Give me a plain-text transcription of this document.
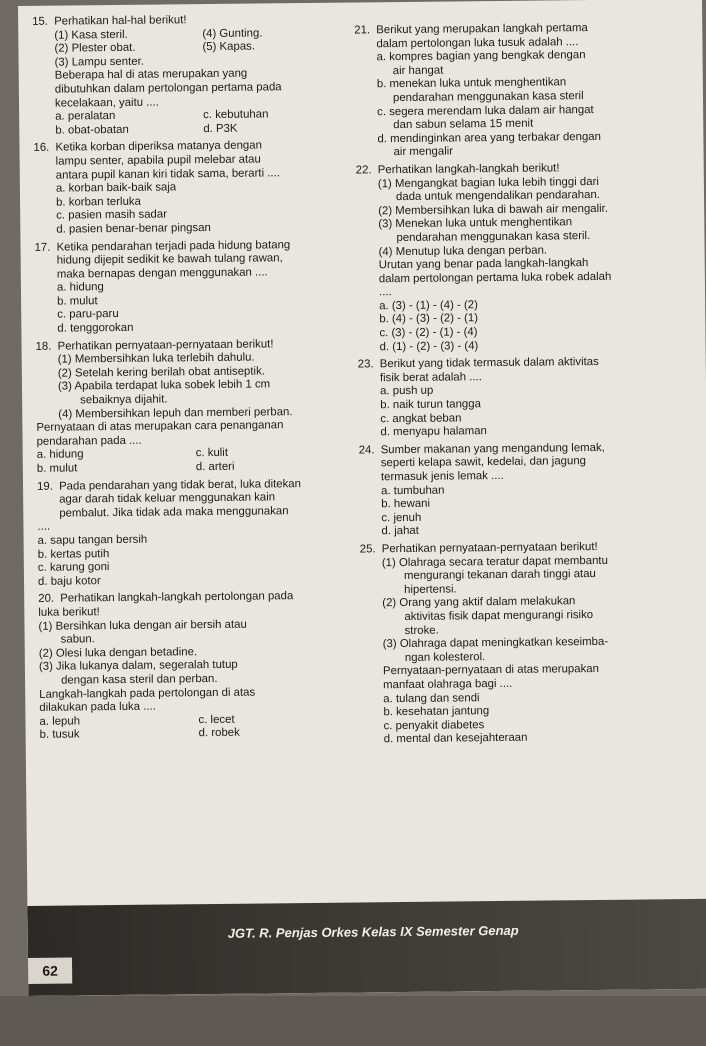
15. Perhatikan hal-hal berikut!
(1) Kasa steril.	(4) Gunting.
(2) Plester obat.	(5) Kapas.
(3) Lampu senter.
Beberapa hal di atas merupakan yang
dibutuhkan dalam pertolongan pertama pada
kecelakaan, yaitu ....
a. peralatan	c. kebutuhan
b. obat-obatan	d. P3K
16. Ketika korban diperiksa matanya dengan
lampu senter, apabila pupil melebar atau
antara pupil kanan kiri tidak sama, berarti ....
a. korban baik-baik saja
b. korban terluka
c. pasien masih sadar
d. pasien benar-benar pingsan
17. Ketika pendarahan terjadi pada hidung batang
hidung dijepit sedikit ke bawah tulang rawan,
maka bernapas dengan menggunakan ....
a. hidung
b. mulut
c. paru-paru
d. tenggorokan
18. Perhatikan pernyataan-pernyataan berikut!
(1) Membersihkan luka terlebih dahulu.
(2) Setelah kering berilah obat antiseptik.
(3) Apabila terdapat luka sobek lebih 1 cm
sebaiknya dijahit.
(4) Membersihkan lepuh dan memberi perban.
Pernyataan di atas merupakan cara penanganan
pendarahan pada ....
a. hidung	c. kulit
b. mulut	d. arteri
19. Pada pendarahan yang tidak berat, luka ditekan
agar darah tidak keluar menggunakan kain
pembalut. Jika tidak ada maka menggunakan
....
a. sapu tangan bersih
b. kertas putih
c. karung goni
d. baju kotor
20. Perhatikan langkah-langkah pertolongan pada
luka berikut!
(1) Bersihkan luka dengan air bersih atau
sabun.
(2) Olesi luka dengan betadine.
(3) Jika lukanya dalam, segeralah tutup
dengan kasa steril dan perban.
Langkah-langkah pada pertolongan di atas
dilakukan pada luka ....
a. lepuh	c. lecet
b. tusuk	d. robek
21. Berikut yang merupakan langkah pertama
dalam pertolongan luka tusuk adalah ....
a. kompres bagian yang bengkak dengan
air hangat
b. menekan luka untuk menghentikan
pendarahan menggunakan kasa steril
c. segera merendam luka dalam air hangat
dan sabun selama 15 menit
d. mendinginkan area yang terbakar dengan
air mengalir
22. Perhatikan langkah-langkah berikut!
(1) Mengangkat bagian luka lebih tinggi dari
dada untuk mengendalikan pendarahan.
(2) Membersihkan luka di bawah air mengalir.
(3) Menekan luka untuk menghentikan
pendarahan menggunakan kasa steril.
(4) Menutup luka dengan perban.
Urutan yang benar pada langkah-langkah
dalam pertolongan pertama luka robek adalah
....
a. (3) - (1) - (4) - (2)
b. (4) - (3) - (2) - (1)
c. (3) - (2) - (1) - (4)
d. (1) - (2) - (3) - (4)
23. Berikut yang tidak termasuk dalam aktivitas
fisik berat adalah ....
a. push up
b. naik turun tangga
c. angkat beban
d. menyapu halaman
24. Sumber makanan yang mengandung lemak,
seperti kelapa sawit, kedelai, dan jagung
termasuk jenis lemak ....
a. tumbuhan
b. hewani
c. jenuh
d. jahat
25. Perhatikan pernyataan-pernyataan berikut!
(1) Olahraga secara teratur dapat membantu
mengurangi tekanan darah tinggi atau
hipertensi.
(2) Orang yang aktif dalam melakukan
aktivitas fisik dapat mengurangi risiko
stroke.
(3) Olahraga dapat meningkatkan keseimba-
ngan kolesterol.
Pernyataan-pernyataan di atas merupakan
manfaat olahraga bagi ....
a. tulang dan sendi
b. kesehatan jantung
c. penyakit diabetes
d. mental dan kesejahteraan
JGT. R. Penjas Orkes Kelas IX Semester Genap
62
